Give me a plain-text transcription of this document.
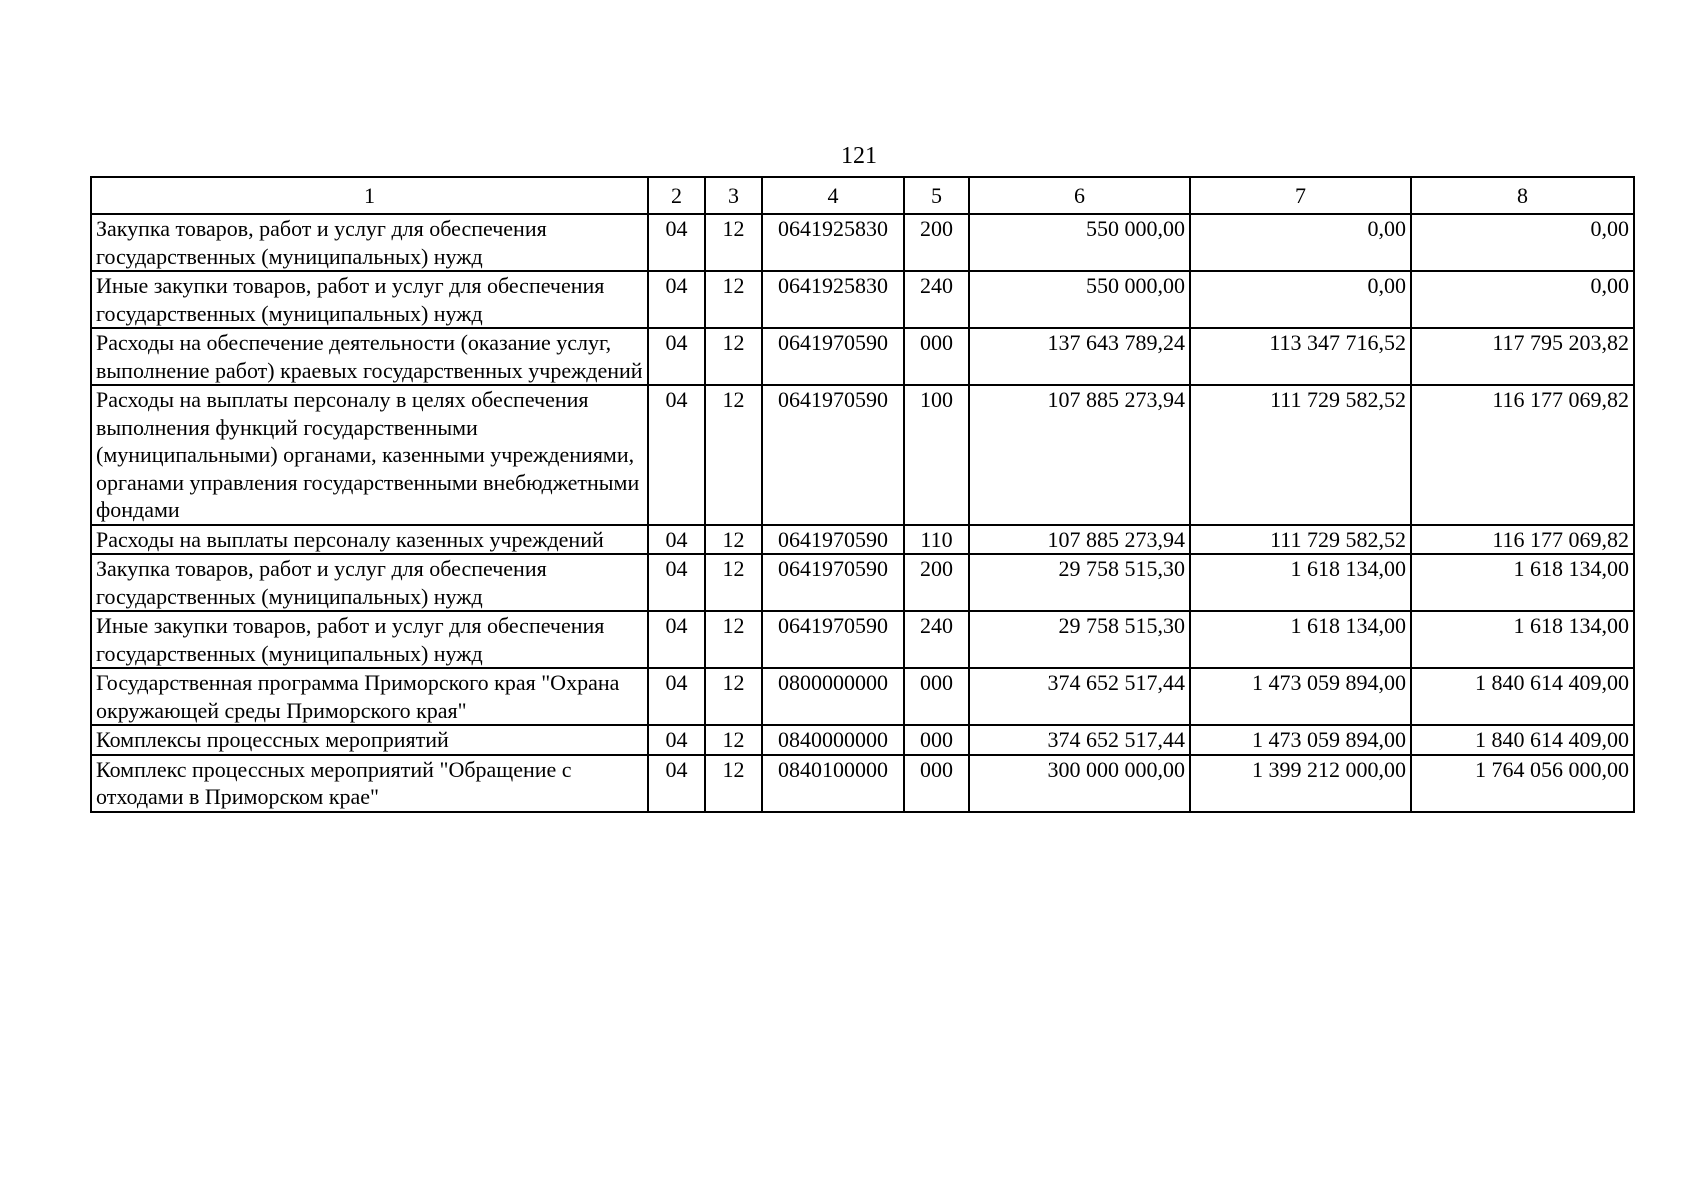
121
1	2	3	4	5	6	7	8
Закупка товаров, работ и услуг для обеспечения государственных (муниципальных) нужд	04	12	0641925830	200	550 000,00	0,00	0,00
Иные закупки товаров, работ и услуг для обеспечения государственных (муниципальных) нужд	04	12	0641925830	240	550 000,00	0,00	0,00
Расходы на обеспечение деятельности (оказание услуг, выполнение работ) краевых государственных учреждений	04	12	0641970590	000	137 643 789,24	113 347 716,52	117 795 203,82
Расходы на выплаты персоналу в целях обеспечения выполнения функций государственными (муниципальными) органами, казенными учреждениями, органами управления государственными внебюджетными фондами	04	12	0641970590	100	107 885 273,94	111 729 582,52	116 177 069,82
Расходы на выплаты персоналу казенных учреждений	04	12	0641970590	110	107 885 273,94	111 729 582,52	116 177 069,82
Закупка товаров, работ и услуг для обеспечения государственных (муниципальных) нужд	04	12	0641970590	200	29 758 515,30	1 618 134,00	1 618 134,00
Иные закупки товаров, работ и услуг для обеспечения государственных (муниципальных) нужд	04	12	0641970590	240	29 758 515,30	1 618 134,00	1 618 134,00
Государственная программа Приморского края "Охрана окружающей среды Приморского края"	04	12	0800000000	000	374 652 517,44	1 473 059 894,00	1 840 614 409,00
Комплексы процессных мероприятий	04	12	0840000000	000	374 652 517,44	1 473 059 894,00	1 840 614 409,00
Комплекс процессных мероприятий "Обращение с отходами в Приморском крае"	04	12	0840100000	000	300 000 000,00	1 399 212 000,00	1 764 056 000,00
